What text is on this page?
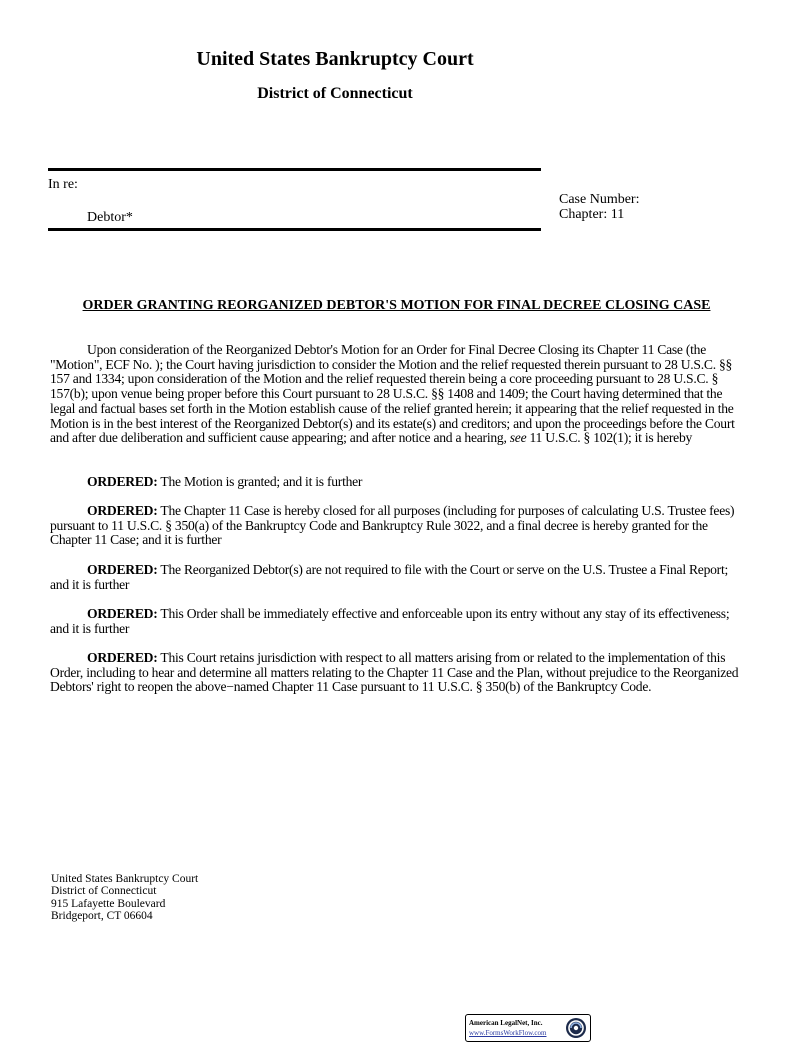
United States Bankruptcy Court
District of Connecticut
In re:
Debtor*
Case Number:
Chapter: 11
ORDER GRANTING REORGANIZED DEBTOR'S MOTION FOR FINAL DECREE CLOSING CASE
Upon consideration of the Reorganized Debtor's Motion for an Order for Final Decree Closing its Chapter 11 Case (the "Motion", ECF No. ); the Court having jurisdiction to consider the Motion and the relief requested therein pursuant to 28 U.S.C. §§ 157 and 1334; upon consideration of the Motion and the relief requested therein being a core proceeding pursuant to 28 U.S.C. § 157(b); upon venue being proper before this Court pursuant to 28 U.S.C. §§ 1408 and 1409; the Court having determined that the legal and factual bases set forth in the Motion establish cause of the relief granted herein; it appearing that the relief requested in the Motion is in the best interest of the Reorganized Debtor(s) and its estate(s) and creditors; and upon the proceedings before the Court and after due deliberation and sufficient cause appearing; and after notice and a hearing, see 11 U.S.C. § 102(1); it is hereby
ORDERED: The Motion is granted; and it is further
ORDERED: The Chapter 11 Case is hereby closed for all purposes (including for purposes of calculating U.S. Trustee fees) pursuant to 11 U.S.C. § 350(a) of the Bankruptcy Code and Bankruptcy Rule 3022, and a final decree is hereby granted for the Chapter 11 Case; and it is further
ORDERED: The Reorganized Debtor(s) are not required to file with the Court or serve on the U.S. Trustee a Final Report; and it is further
ORDERED: This Order shall be immediately effective and enforceable upon its entry without any stay of its effectiveness; and it is further
ORDERED: This Court retains jurisdiction with respect to all matters arising from or related to the implementation of this Order, including to hear and determine all matters relating to the Chapter 11 Case and the Plan, without prejudice to the Reorganized Debtors' right to reopen the above−named Chapter 11 Case pursuant to 11 U.S.C. § 350(b) of the Bankruptcy Code.
United States Bankruptcy Court
District of Connecticut
915 Lafayette Boulevard
Bridgeport, CT 06604
American LegalNet, Inc.
www.FormsWorkFlow.com
